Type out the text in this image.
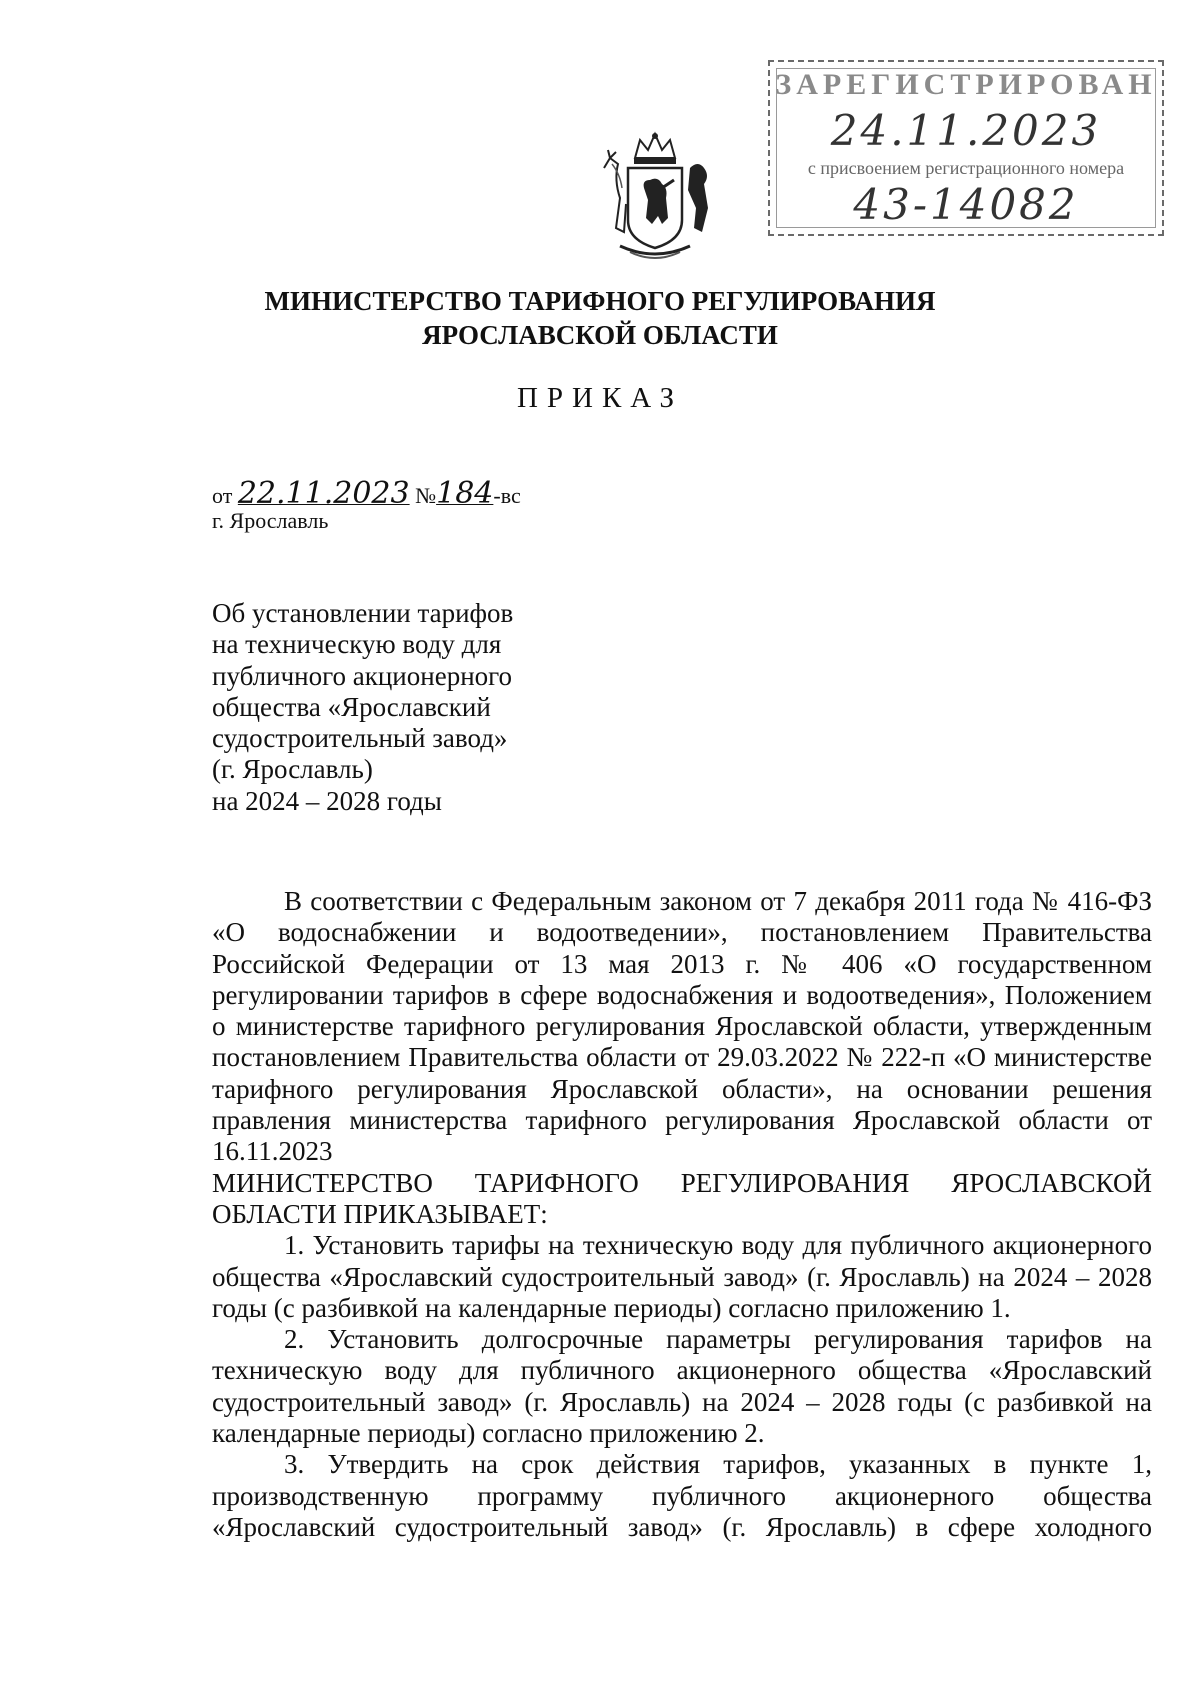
ЗАРЕГИСТРИРОВАН
24.11.2023
с присвоением регистрационного номера
43-14082
МИНИСТЕРСТВО ТАРИФНОГО РЕГУЛИРОВАНИЯ
ЯРОСЛАВСКОЙ ОБЛАСТИ
ПРИКАЗ
от 22.11.2023 №184-вс
г. Ярославль
Об установлении тарифов
на техническую воду для
публичного акционерного
общества «Ярославский
судостроительный завод»
(г. Ярославль)
на 2024 – 2028 годы

В соответствии с Федеральным законом от 7 декабря 2011 года № 416-ФЗ «О водоснабжении и водоотведении», постановлением Правительства Российской Федерации от 13 мая 2013 г. № 406 «О государственном регулировании тарифов в сфере водоснабжения и водоотведения», Положением о министерстве тарифного регулирования Ярославской области, утвержденным постановлением Правительства области от 29.03.2022 № 222-п «О министерстве тарифного регулирования Ярославской области», на основании решения правления министерства тарифного регулирования Ярославской области от 16.11.2023

МИНИСТЕРСТВО ТАРИФНОГО РЕГУЛИРОВАНИЯ ЯРОСЛАВСКОЙ

ОБЛАСТИ ПРИКАЗЫВАЕТ:

1. Установить тарифы на техническую воду для публичного акционерного общества «Ярославский судостроительный завод» (г. Ярославль) на 2024 – 2028 годы (с разбивкой на календарные периоды) согласно приложению 1.

2. Установить долгосрочные параметры регулирования тарифов на техническую воду для публичного акционерного общества «Ярославский судостроительный завод» (г. Ярославль) на 2024 – 2028 годы (с разбивкой на календарные периоды) согласно приложению 2.

3. Утвердить на срок действия тарифов, указанных в пункте 1, производственную программу публичного акционерного общества «Ярославский судостроительный завод» (г. Ярославль) в сфере холодного
